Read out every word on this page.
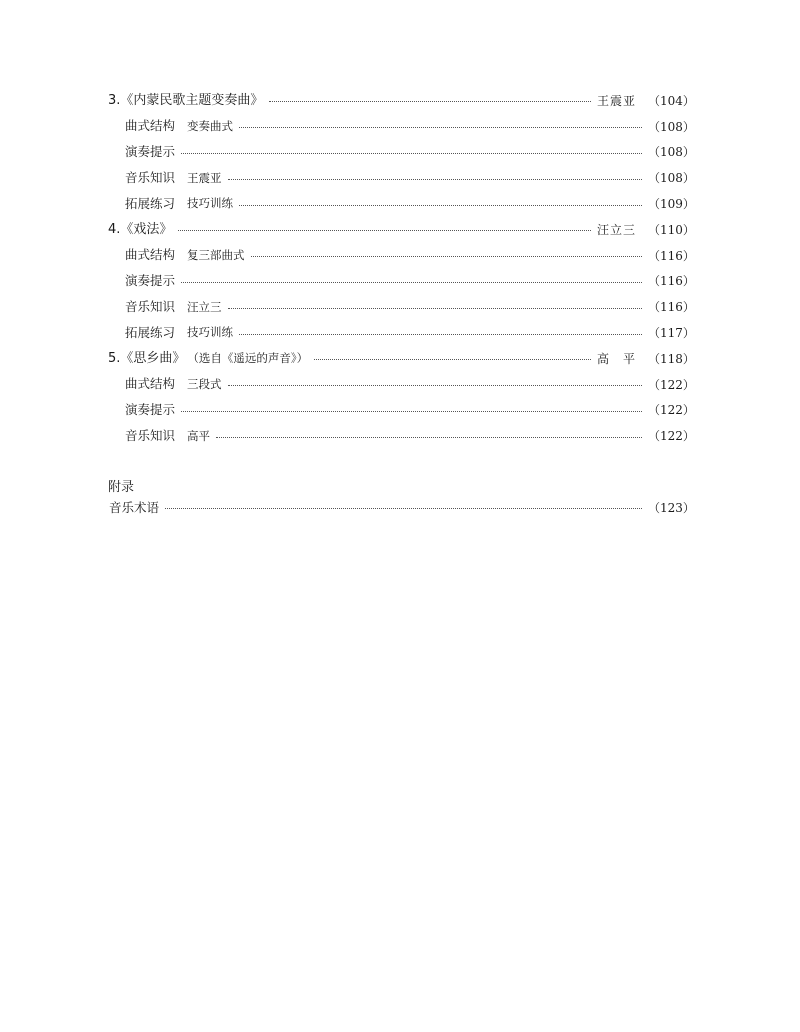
3.《内蒙民歌主题变奏曲》	王震亚 （104）
曲式结构 变奏曲式	（108）
演奏提示	（108）
音乐知识 王震亚	（108）
拓展练习 技巧训练	（109）
4.《戏法》	汪立三 （110）
曲式结构 复三部曲式	（116）
演奏提示	（116）
音乐知识 汪立三	（116）
拓展练习 技巧训练	（117）
5.《思乡曲》 （选自《遥远的声音》）	高　平 （118）
曲式结构 三段式	（122）
演奏提示	（122）
音乐知识 高平	（122）
附录
音乐术语	（123）
